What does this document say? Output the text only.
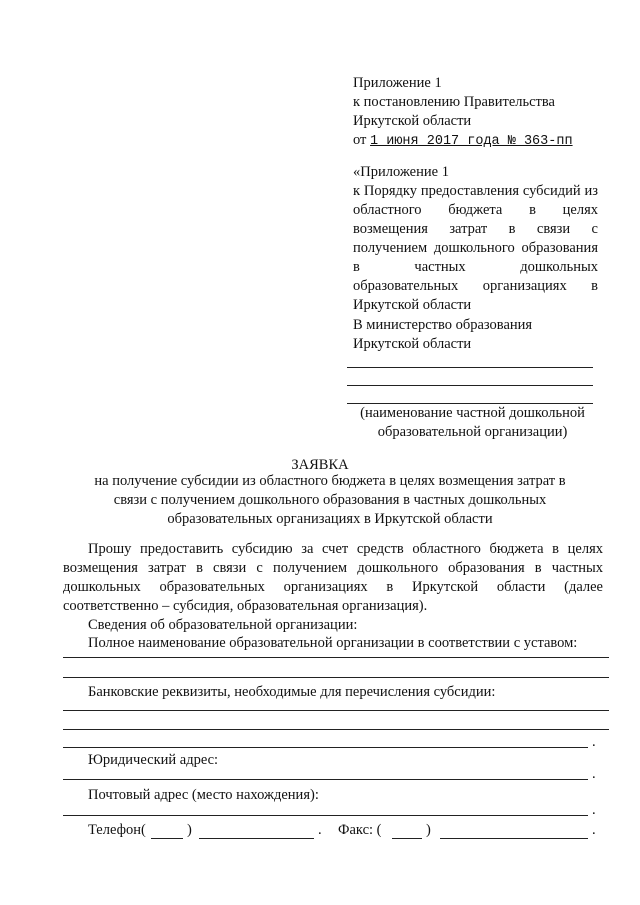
Приложение 1
к постановлению Правительства
Иркутской области
от 1 июня 2017 года № 363-пп
«Приложение 1
к Порядку предоставления субсидий из областного бюджета в целях возмещения затрат в связи с получением дошкольного образования в частных дошкольных образовательных организациях в Иркутской области
В министерство образования
Иркутской области
(наименование частной дошкольной
образовательной организации)
ЗАЯВКА
на получение субсидии из областного бюджета в целях возмещения затрат в
связи с получением дошкольного образования в частных дошкольных
образовательных организациях в Иркутской области
Прошу предоставить субсидию за счет средств областного бюджета в целях возмещения затрат в связи с получением дошкольного образования в частных дошкольных образовательных организациях в Иркутской области (далее соответственно – субсидия, образовательная организация).
Сведения об образовательной организации:
Полное наименование образовательной организации в соответствии с уставом:
Банковские реквизиты, необходимые для перечисления субсидии:
.
Юридический адрес:
.
Почтовый адрес (место нахождения):
.
Телефон(	)	. Факс: (	)	.
